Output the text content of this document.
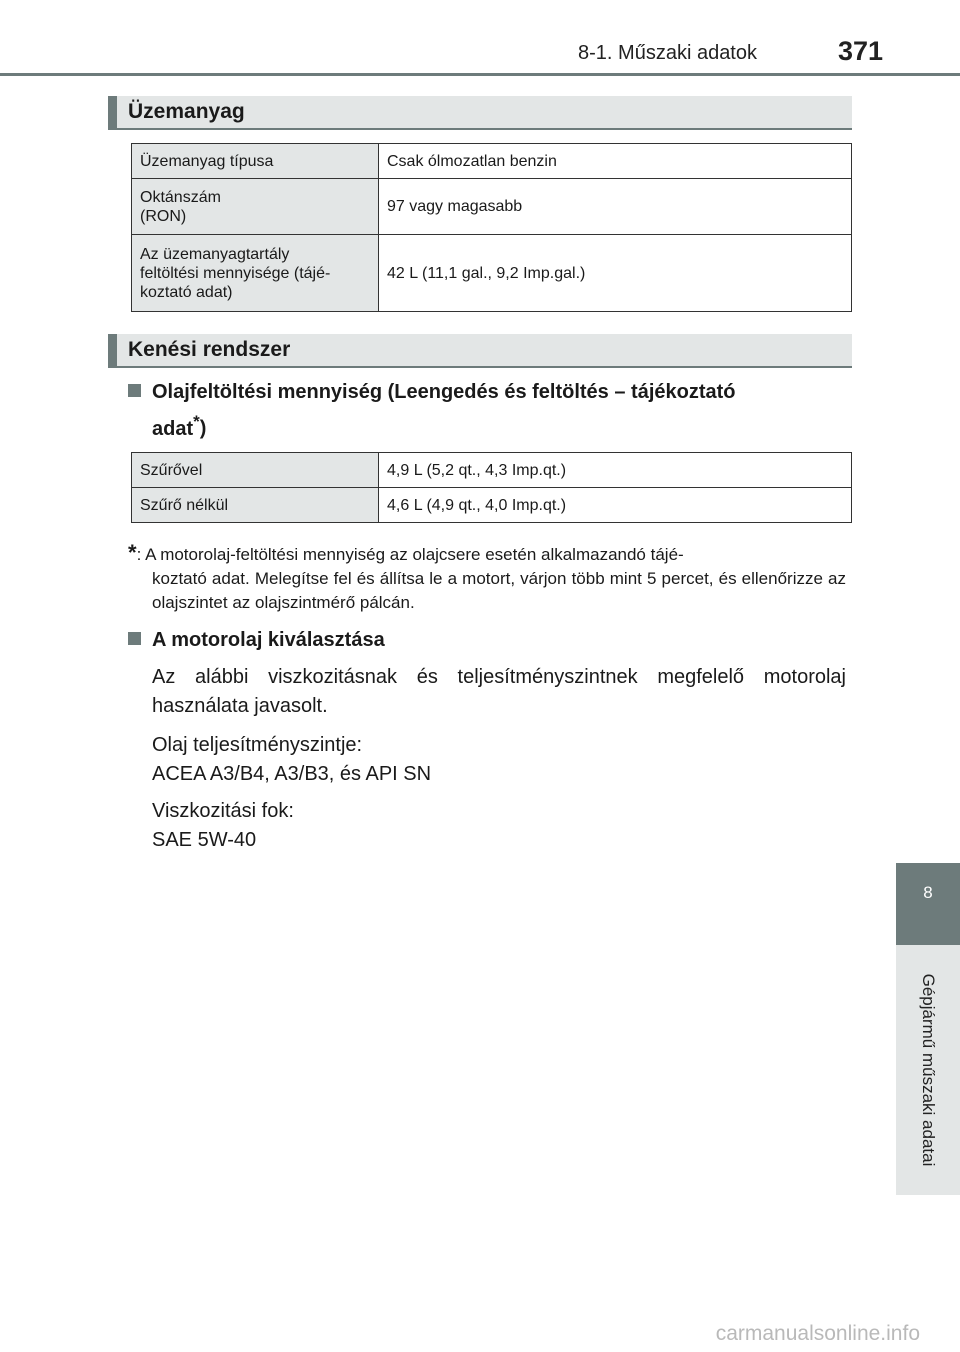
8-1. Műszaki adatok	371
Üzemanyag
Üzemanyag típusa	Csak ólmozatlan benzin
Oktánszám
(RON)	97 vagy magasabb
Az üzemanyagtartály
feltöltési mennyisége (tájé-
koztató adat)	42 L (11,1 gal., 9,2 Imp.gal.)
Kenési rendszer
Olajfeltöltési mennyiség (Leengedés és feltöltés – tájékoztató
adat*)
Szűrővel	4,9 L (5,2 qt., 4,3 Imp.qt.)
Szűrő nélkül	4,6 L (4,9 qt., 4,0 Imp.qt.)
*: A motorolaj-feltöltési mennyiség az olajcsere esetén alkalmazandó tájé-
koztató adat. Melegítse fel és állítsa le a motort, várjon több mint 5 percet, és ellenőrizze az olajszintet az olajszintmérő pálcán.
A motorolaj kiválasztása
Az alábbi viszkozitásnak és teljesítményszintnek megfelelő motorolaj használata javasolt.
Olaj teljesítményszintje:
ACEA A3/B4, A3/B3, és API SN
Viszkozitási fok:
SAE 5W-40
8
Gépjármű műszaki adatai
carmanualsonline.info
